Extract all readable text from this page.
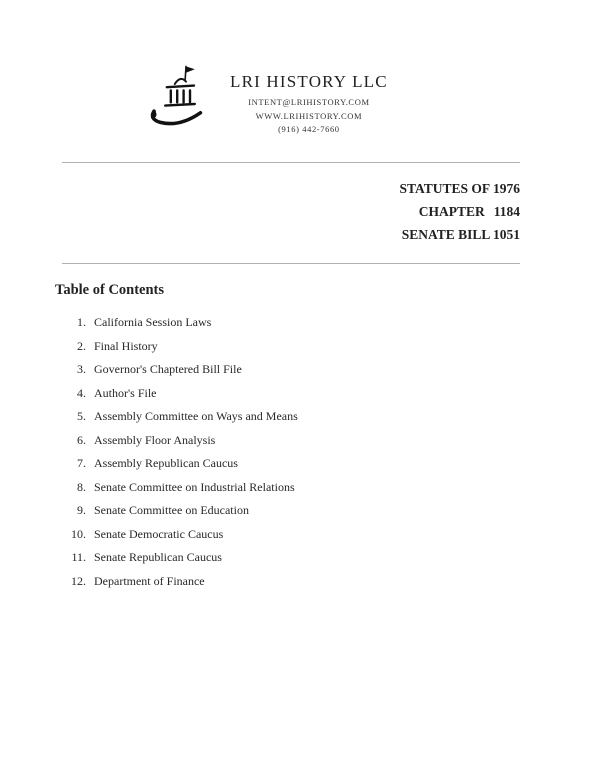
LRI HISTORY LLC
INTENT@LRIHISTORY.COM
WWW.LRIHISTORY.COM
(916) 442-7660
STATUTES OF 1976
CHAPTER 1184
SENATE BILL 1051
Table of Contents
1. California Session Laws
2. Final History
3. Governor's Chaptered Bill File
4. Author's File
5. Assembly Committee on Ways and Means
6. Assembly Floor Analysis
7. Assembly Republican Caucus
8. Senate Committee on Industrial Relations
9. Senate Committee on Education
10. Senate Democratic Caucus
11. Senate Republican Caucus
12. Department of Finance
